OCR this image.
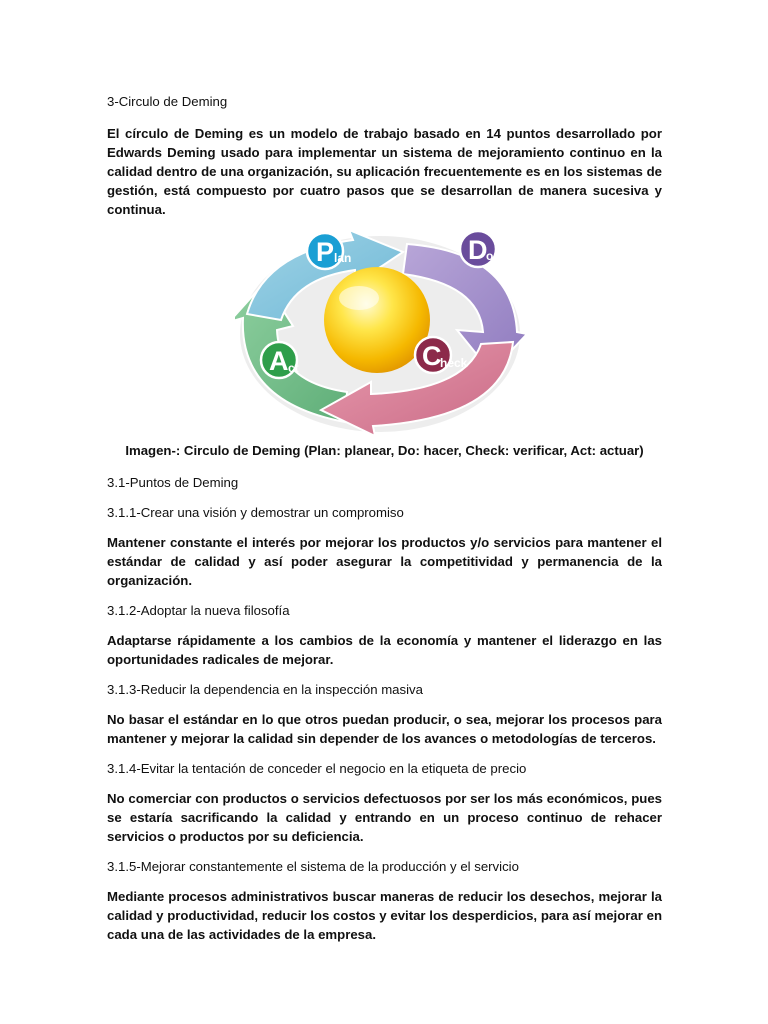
3-Circulo de Deming

El círculo de Deming es un modelo de trabajo basado en 14 puntos desarrollado por Edwards Deming usado para implementar un sistema de mejoramiento continuo en la calidad dentro de una organización, su aplicación frecuentemente es en los sistemas de gestión, está compuesto por cuatro pasos que se desarrollan de manera sucesiva y continua.

P lan	D
o
C
heck
A ct

Imagen-: Circulo de Deming (Plan: planear, Do: hacer, Check: verificar, Act: actuar)

3.1-Puntos de Deming

3.1.1-Crear una visión y demostrar un compromiso

Mantener constante el interés por mejorar los productos y/o servicios para mantener el estándar de calidad y así poder asegurar la competitividad y permanencia de la organización.

3.1.2-Adoptar la nueva filosofía

Adaptarse rápidamente a los cambios de la economía y mantener el liderazgo en las oportunidades radicales de mejorar.

3.1.3-Reducir la dependencia en la inspección masiva

No basar el estándar en lo que otros puedan producir, o sea, mejorar los procesos para mantener y mejorar la calidad sin depender de los avances o metodologías de terceros.

3.1.4-Evitar la tentación de conceder el negocio en la etiqueta de precio

No comerciar con productos o servicios defectuosos por ser los más económicos, pues se estaría sacrificando la calidad y entrando en un proceso continuo de rehacer servicios o productos por su deficiencia.

3.1.5-Mejorar constantemente el sistema de la producción y el servicio

Mediante procesos administrativos buscar maneras de reducir los desechos, mejorar la calidad y productividad, reducir los costos y evitar los desperdicios, para así mejorar en cada una de las actividades de la empresa.
